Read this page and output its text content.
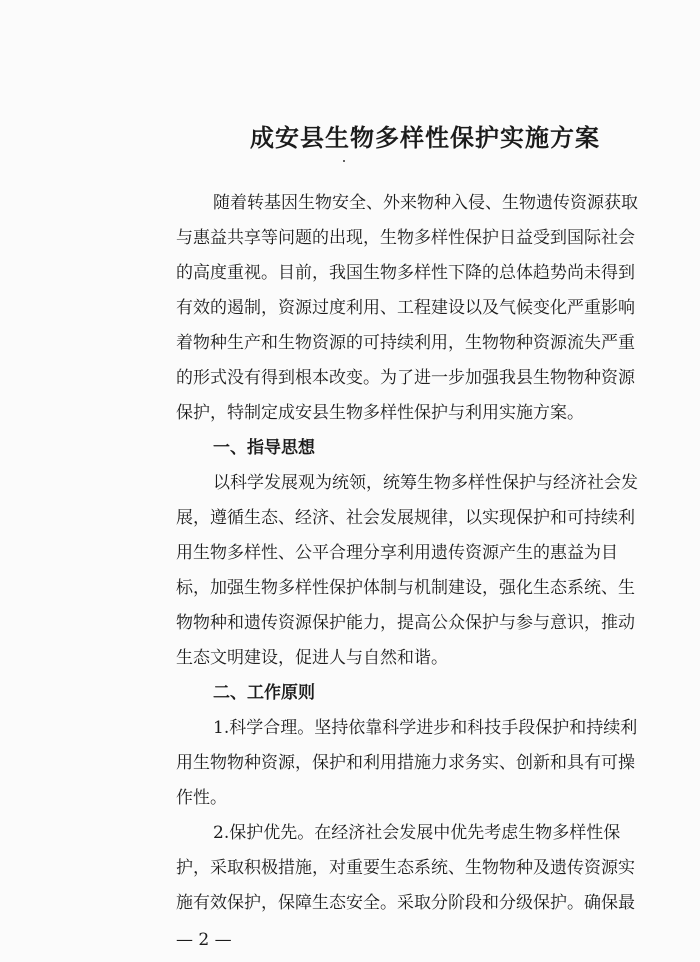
成安县生物多样性保护实施方案
随着转基因生物安全、外来物种入侵、生物遗传资源获取
与惠益共享等问题的出现，生物多样性保护日益受到国际社会
的高度重视。目前，我国生物多样性下降的总体趋势尚未得到
有效的遏制，资源过度利用、工程建设以及气候变化严重影响
着物种生产和生物资源的可持续利用，生物物种资源流失严重
的形式没有得到根本改变。为了进一步加强我县生物物种资源
保护，特制定成安县生物多样性保护与利用实施方案。
一、指导思想
以科学发展观为统领，统筹生物多样性保护与经济社会发
展，遵循生态、经济、社会发展规律，以实现保护和可持续利
用生物多样性、公平合理分享利用遗传资源产生的惠益为目
标，加强生物多样性保护体制与机制建设，强化生态系统、生
物物种和遗传资源保护能力，提高公众保护与参与意识，推动
生态文明建设，促进人与自然和谐。
二、工作原则
1.科学合理。坚持依靠科学进步和科技手段保护和持续利
用生物物种资源，保护和利用措施力求务实、创新和具有可操
作性。
2.保护优先。在经济社会发展中优先考虑生物多样性保
护，采取积极措施，对重要生态系统、生物物种及遗传资源实
施有效保护，保障生态安全。采取分阶段和分级保护。确保最
— 2 —
